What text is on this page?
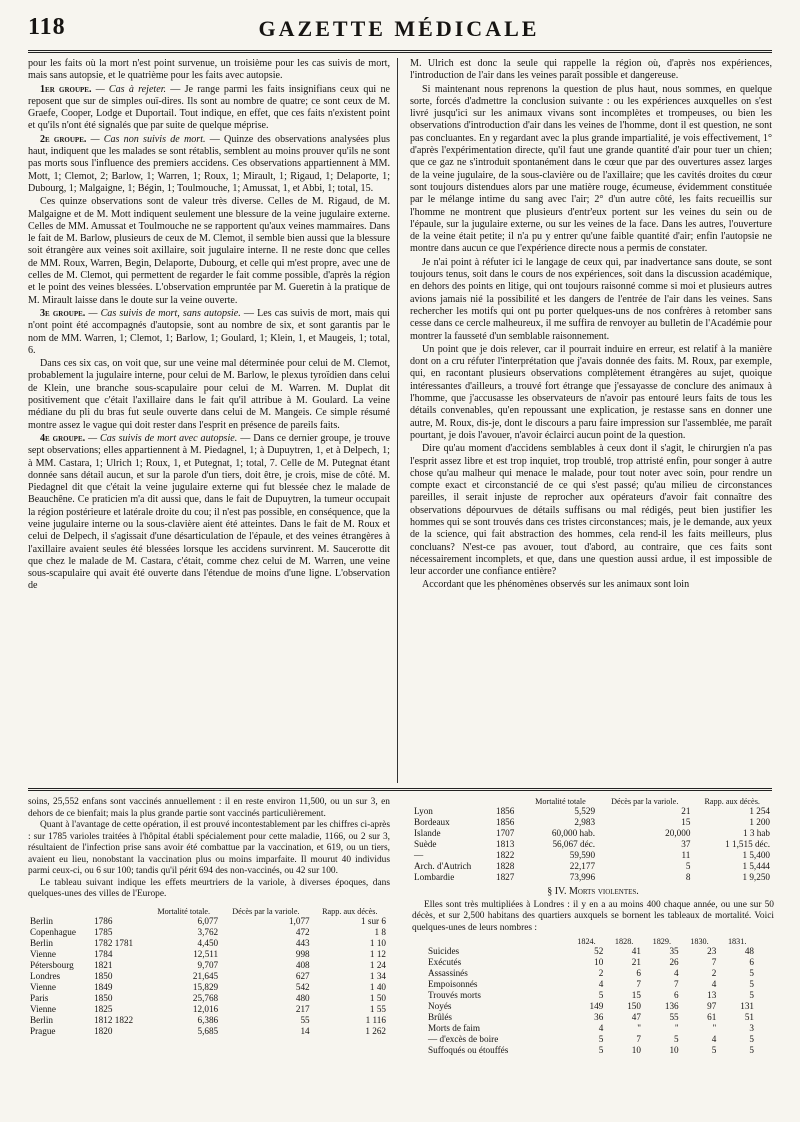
118	GAZETTE MÉDICALE

pour les faits où la mort n'est point survenue, un troisième pour les cas suivis de mort, mais sans autopsie, et le quatrième pour les faits avec autopsie.

1er groupe. — Cas à rejeter. — Je range parmi les faits insignifians ceux qui ne reposent que sur de simples ouï-dires. Ils sont au nombre de quatre; ce sont ceux de M. Graefe, Cooper, Lodge et Duportail. Tout indique, en effet, que ces faits n'existent point et qu'ils n'ont été signalés que par suite de quelque méprise.

2e groupe. — Cas non suivis de mort. — Quinze des observations analysées plus haut, indiquent que les malades se sont rétablis, semblent au moins prouver qu'ils ne sont pas morts sous l'influence des premiers accidens. Ces observations appartiennent à MM. Mott, 1; Clemot, 2; Barlow, 1; Warren, 1; Roux, 1; Mirault, 1; Rigaud, 1; Delaporte, 1; Dubourg, 1; Malgaigne, 1; Bégin, 1; Toulmouche, 1; Amussat, 1, et Abbi, 1; total, 15.

Ces quinze observations sont de valeur très diverse. Celles de M. Rigaud, de M. Malgaigne et de M. Mott indiquent seulement une blessure de la veine jugulaire externe. Celles de MM. Amussat et Toulmouche ne se rapportent qu'aux veines mammaires. Dans le fait de M. Barlow, plusieurs de ceux de M. Clemot, il semble bien aussi que la blessure soit étrangère aux veines soit axillaire, soit jugulaire interne. Il ne reste donc que celles de MM. Roux, Warren, Begin, Delaporte, Dubourg, et celle qui m'est propre, avec une de celles de M. Clemot, qui permettent de regarder le fait comme possible, d'après la région et le point des veines blessées. L'observation empruntée par M. Gueretin à la pratique de M. Mirault laisse dans le doute sur la veine ouverte.

3e groupe. — Cas suivis de mort, sans autopsie. — Les cas suivis de mort, mais qui n'ont point été accompagnés d'autopsie, sont au nombre de six, et sont garantis par le nom de MM. Warren, 1; Clemot, 1; Barlow, 1; Goulard, 1; Klein, 1, et Maugeis, 1; total, 6.

Dans ces six cas, on voit que, sur une veine mal déterminée pour celui de M. Clemot, probablement la jugulaire interne, pour celui de M. Barlow, le plexus tyroïdien dans celui de Klein, une branche sous-scapulaire pour celui de M. Warren. M. Duplat dit positivement que c'était l'axillaire dans le fait qu'il attribue à M. Goulard. La veine médiane du pli du bras fut seule ouverte dans celui de M. Mangeis. Ce simple résumé montre assez le vague qui doit rester dans l'esprit en présence de pareils faits.

4e groupe. — Cas suivis de mort avec autopsie. — Dans ce dernier groupe, je trouve sept observations; elles appartiennent à M. Piedagnel, 1; à Dupuytren, 1, et à Delpech, 1; à MM. Castara, 1; Ulrich 1; Roux, 1, et Putegnat, 1; total, 7. Celle de M. Putegnat étant donnée sans détail aucun, et sur la parole d'un tiers, doit être, je crois, mise de côté. M. Piedagnel dit que c'était la veine jugulaire externe qui fut blessée chez le malade de Beauchêne. Ce praticien m'a dit aussi que, dans le fait de Dupuytren, la tumeur occupait la région postérieure et latérale droite du cou; il n'est pas possible, en conséquence, que la veine jugulaire interne ou la sous-clavière aient été atteintes. Dans le fait de M. Roux et celui de Delpech, il s'agissait d'une désarticulation de l'épaule, et des veines étrangères à l'axillaire avaient seules été blessées lorsque les accidens survinrent. M. Saucerotte dit que chez le malade de M. Castara, c'était, comme chez celui de M. Warren, une veine sous-scapulaire qui avait été ouverte dans l'étendue de moins d'une ligne. L'observation de

M. Ulrich est donc la seule qui rappelle la région où, d'après nos expériences, l'introduction de l'air dans les veines paraît possible et dangereuse.

Si maintenant nous reprenons la question de plus haut, nous sommes, en quelque sorte, forcés d'admettre la conclusion suivante : ou les expériences auxquelles on s'est livré jusqu'ici sur les animaux vivans sont incomplètes et trompeuses, ou bien les observations d'introduction d'air dans les veines de l'homme, dont il est question, ne sont pas concluantes. En y regardant avec la plus grande impartialité, je vois effectivement, 1° d'après l'expérimentation directe, qu'il faut une grande quantité d'air pour tuer un chien; que ce gaz ne s'introduit spontanément dans le cœur que par des ouvertures assez larges de la veine jugulaire, de la sous-clavière ou de l'axillaire; que les cavités droites du cœur sont toujours distendues alors par une matière rouge, écumeuse, évidemment constituée par le mélange intime du sang avec l'air; 2° d'un autre côté, les faits recueillis sur l'homme ne montrent que plusieurs d'entr'eux portent sur les veines du sein ou de l'épaule, sur la jugulaire externe, ou sur les veines de la face. Dans les autres, l'ouverture de la veine était petite; il n'a pu y entrer qu'une faible quantité d'air; enfin l'autopsie ne montre dans aucun ce que l'expérience directe nous a permis de constater.

Je n'ai point à réfuter ici le langage de ceux qui, par inadvertance sans doute, se sont toujours tenus, soit dans le cours de nos expériences, soit dans la discussion académique, en dehors des points en litige, qui ont toujours raisonné comme si moi et plusieurs autres avions jamais nié la possibilité et les dangers de l'entrée de l'air dans les veines. Sans rechercher les motifs qui ont pu porter quelques-uns de nos confrères à retomber sans cesse dans ce cercle malheureux, il me suffira de renvoyer au bulletin de l'Académie pour montrer la fausseté d'un semblable raisonnement.

Un point que je dois relever, car il pourrait induire en erreur, est relatif à la manière dont on a cru réfuter l'interprétation que j'avais donnée des faits. M. Roux, par exemple, qui, en racontant plusieurs observations complètement étrangères au sujet, quoique intéressantes d'ailleurs, a trouvé fort étrange que j'essayasse de conclure des animaux à l'homme, que j'accusasse les observateurs de n'avoir pas entouré leurs faits de tous les détails convenables, qu'en repoussant une explication, je restasse sans en donner une autre, M. Roux, dis-je, dont le discours a paru faire impression sur l'assemblée, me paraît pourtant, je dois l'avouer, n'avoir éclairci aucun point de la question.

Dire qu'au moment d'accidens semblables à ceux dont il s'agit, le chirurgien n'a pas l'esprit assez libre et est trop inquiet, trop troublé, trop attristé enfin, pour songer à autre chose qu'au malheur qui menace le malade, pour tout noter avec soin, pour rendre un compte exact et circonstancié de ce qui s'est passé; qu'au milieu de circonstances pareilles, il serait injuste de reprocher aux opérateurs d'avoir fait connaître des observations dépourvues de détails suffisans ou mal rédigés, peut bien justifier les hommes qui se sont trouvés dans ces tristes circonstances; mais, je le demande, aux yeux de la science, qui fait abstraction des hommes, cela rend-il les faits meilleurs, plus concluans? N'est-ce pas avouer, tout d'abord, au contraire, que ces faits sont nécessairement incomplets, et que, dans une question aussi ardue, il est impossible de leur accorder une confiance entière?

Accordant que les phénomènes observés sur les animaux sont loin

soins, 25,552 enfans sont vaccinés annuellement : il en reste environ 11,500, ou un sur 3, en dehors de ce bienfait; mais la plus grande partie sont vaccinés particulièrement.

Quant à l'avantage de cette opération, il est prouvé incontestablement par les chiffres ci-après : sur 1785 varioles traitées à l'hôpital établi spécialement pour cette maladie, 1166, ou 2 sur 3, résultaient de l'infection prise sans avoir été combattue par la vaccination, et 619, ou un tiers, avaient eu lieu, nonobstant la vaccination plus ou moins imparfaite. Il mourut 40 individus parmi ceux-ci, ou 6 sur 100; tandis qu'il périt 694 des non-vaccinés, ou 42 sur 100.

Le tableau suivant indique les effets meurtriers de la variole, à diverses époques, dans quelques-unes des villes de l'Europe.

		Mortalité totale.	Décès par la variole.	Rapp. aux décès.
Berlin	1786	6,077	1,077	1 sur 6
Copenhague	1785	3,762	472	1 8
Berlin	1782 1781	4,450	443	1 10
Vienne	1784	12,511	998	1 12
Pétersbourg	1821	9,707	408	1 24
Londres	1850	21,645	627	1 34
Vienne	1849	15,829	542	1 40
Paris	1850	25,768	480	1 50
Vienne	1825	12,016	217	1 55
Berlin	1812 1822	6,386	55	1 116
Prague	1820	5,685	14	1 262
		Mortalité totale	Décès par la variole.	Rapp. aux décès.
Lyon	1856	5,529	21	1 254
Bordeaux	1856	2,983	15	1 200
Islande	1707	60,000 hab.	20,000	1 3 hab
Suède	1813	56,067 déc.	37	1 1,515 déc.
—	1822	59,590	11	1 5,400
Arch. d'Autrich	1828	22,177	5	1 5,444
Lombardie	1827	73,996	8	1 9,250
§ IV. Morts violentes.

Elles sont très multipliées à Londres : il y en a au moins 400 chaque année, ou une sur 50 décès, et sur 2,500 habitans des quartiers auxquels se bornent les tableaux de mortalité. Voici quelques-unes de leurs nombres :

	1824.	1828.	1829.	1830.	1831.
Suicides	52	41	35	23	48
Exécutés	10	21	26	7	6
Assassinés	2	6	4	2	5
Empoisonnés	4	7	7	4	5
Trouvés morts	5	15	6	13	5
Noyés	149	150	136	97	131
Brûlés	36	47	55	61	51
Morts de faim	4	"	"	"	3
— d'excès de boire	5	7	5	4	5
Suffoqués ou étouffés	5	10	10	5	5
